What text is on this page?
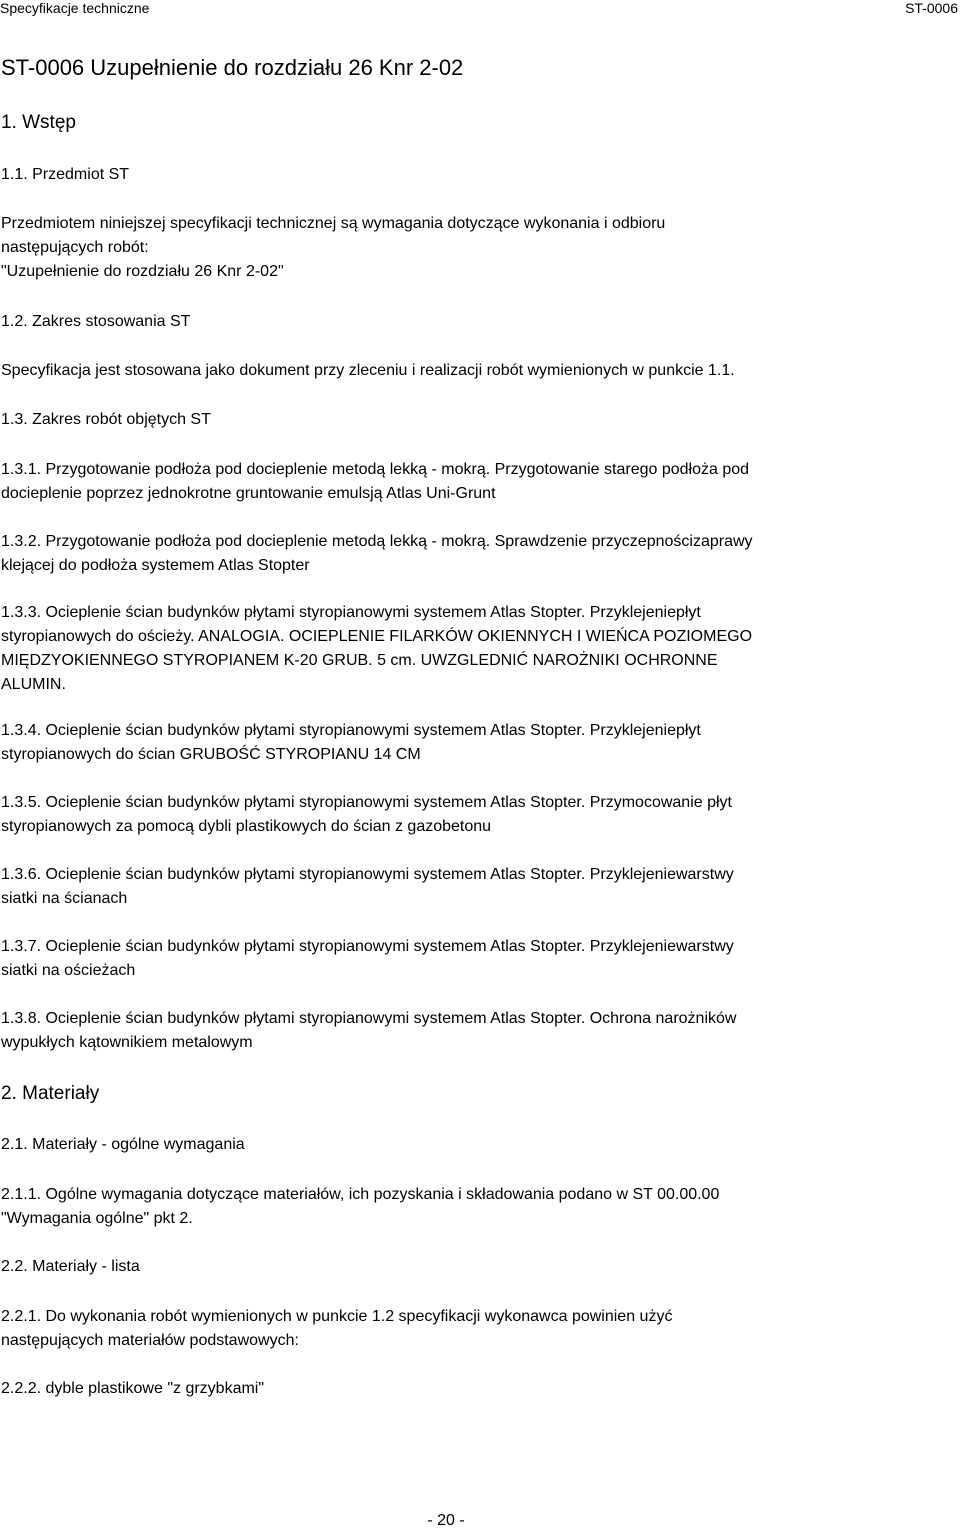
Specyfikacje techniczne	ST-0006
ST-0006 Uzupełnienie do rozdziału 26 Knr 2-02
1. Wstęp
1.1. Przedmiot ST
Przedmiotem niniejszej specyfikacji technicznej są wymagania dotyczące wykonania i odbioru
następujących robót:
"Uzupełnienie do rozdziału 26 Knr 2-02"
1.2. Zakres stosowania ST
Specyfikacja jest stosowana jako dokument przy zleceniu i realizacji robót wymienionych w punkcie 1.1.
1.3. Zakres robót objętych ST
1.3.1. Przygotowanie podłoża pod docieplenie metodą lekką - mokrą. Przygotowanie starego podłoża pod
docieplenie poprzez jednokrotne gruntowanie emulsją Atlas Uni-Grunt
1.3.2. Przygotowanie podłoża pod docieplenie metodą lekką - mokrą. Sprawdzenie przyczepnościzaprawy
klejącej do podłoża systemem Atlas Stopter
1.3.3. Ocieplenie ścian budynków płytami styropianowymi systemem Atlas Stopter. Przyklejeniepłyt
styropianowych do ościeży. ANALOGIA. OCIEPLENIE FILARKÓW OKIENNYCH I WIEŃCA POZIOMEGO
MIĘDZYOKIENNEGO STYROPIANEM K-20 GRUB. 5 cm. UWZGLEDNIĆ NAROŻNIKI OCHRONNE
ALUMIN.
1.3.4. Ocieplenie ścian budynków płytami styropianowymi systemem Atlas Stopter. Przyklejeniepłyt
styropianowych do ścian GRUBOŚĆ STYROPIANU 14 CM
1.3.5. Ocieplenie ścian budynków płytami styropianowymi systemem Atlas Stopter. Przymocowanie płyt
styropianowych za pomocą dybli plastikowych do ścian z gazobetonu
1.3.6. Ocieplenie ścian budynków płytami styropianowymi systemem Atlas Stopter. Przyklejeniewarstwy
siatki na ścianach
1.3.7. Ocieplenie ścian budynków płytami styropianowymi systemem Atlas Stopter. Przyklejeniewarstwy
siatki na ościeżach
1.3.8. Ocieplenie ścian budynków płytami styropianowymi systemem Atlas Stopter. Ochrona narożników
wypukłych kątownikiem metalowym
2. Materiały
2.1. Materiały - ogólne wymagania
2.1.1. Ogólne wymagania dotyczące materiałów, ich pozyskania i składowania podano w ST 00.00.00
"Wymagania ogólne" pkt 2.
2.2. Materiały - lista
2.2.1. Do wykonania robót wymienionych w punkcie 1.2 specyfikacji wykonawca powinien użyć
następujących materiałów podstawowych:
2.2.2. dyble plastikowe "z grzybkami"
- 20 -
